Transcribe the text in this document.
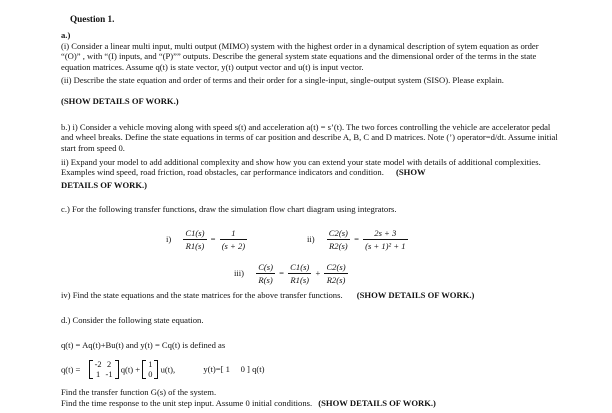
Question 1.
a.)
(i) Consider a linear multi input, multi output (MIMO) system with the highest order in a dynamical description of sytem equation as order “(O)” , with “(I) inputs, and “(P)”” outputs. Describe the general system state equations and the dimensional order of the terms in the state equation matrices. Assume q(t) is state vector, y(t) output vector and u(t) is input vector.
(ii) Describe the state equation and order of terms and their order for a single-input, single-output system (SISO). Please explain.
(SHOW DETAILS OF WORK.)
b.) i) Consider a vehicle moving along with speed s(t) and acceleration a(t) = s’(t). The two forces controlling the vehicle are accelerator pedal and wheel breaks. Define the state equations in terms of car position and describe A, B, C and D matrices. Note (’) operator=d/dt. Assume initial start from speed 0.
ii) Expand your model to add additional complexity and show how you can extend your state model with details of additional complexities. Examples wind speed, road friction, road obstacles, car performance indicators and condition. (SHOW
DETAILS OF WORK.)
c.) For the following transfer functions, draw the simulation flow chart diagram using integrators.
$i) \frac{C1(s)}{R1(s)} = \frac{1}{(s + 2)}$	$ii) \frac{C2(s)}{R2(s)} = \frac{2s + 3}{\text{(s + 1)² + 1}}$
$iii) \frac{C(s)}{R(s)} = \frac{C1(s)}{R1(s)} + \frac{C2(s)}{R2(s)}$
iv) Find the state equations and the state matrices for the above transfer functions. (SHOW DETAILS OF WORK.)
d.) Consider the following state equation.
q(t) = Aq(t)+Bu(t) and y(t) = Cq(t) is defined as
q(t) = -2	2
1	-1 q(t) + 1
0 u(t),	y(t)=[ 1     0 ] q(t)
Find the transfer function G(s) of the system.
Find the time response to the unit step input. Assume 0 initial conditions. (SHOW DETAILS OF WORK.)
